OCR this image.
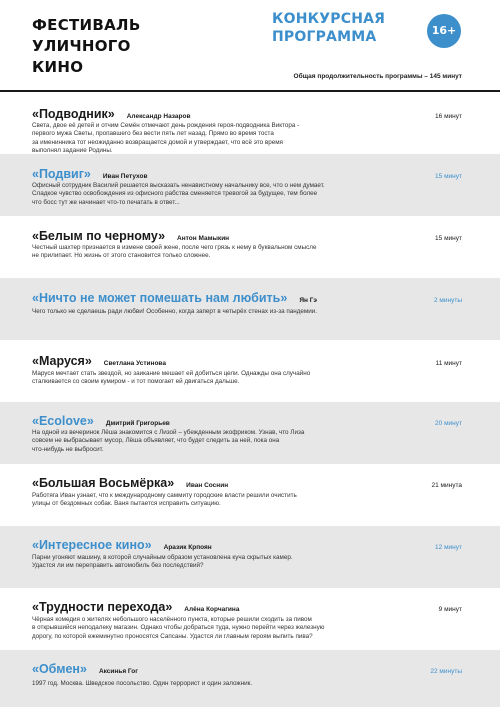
ФЕСТИВАЛЬ
УЛИЧНОГО
КИНО
КОНКУРСНАЯ
ПРОГРАММА	16+
Общая продолжительность программы – 145 минут
«Подводник» Александр Назаров	16 минут
Света, двое её детей и отчим Семён отмечают день рождения героя-подводника Виктора -
первого мужа Светы, пропавшего без вести пять лет назад. Прямо во время тоста
за именинника тот неожиданно возвращается домой и утверждает, что всё это время
выполнял задание Родины.
«Подвиг» Иван Петухов	15 минут
Офисный сотрудник Василий решается высказать ненавистному начальнику все, что о нем думает.
Сладкое чувство освобождения из офисного рабства сменяется тревогой за будущее, тем более
что босс тут же начинает что-то печатать в ответ...
«Белым по черному» Антон Мамыкин	15 минут
Честный шахтер признается в измене своей жене, после чего грязь к нему в буквальном смысле
не прилипает. Но жизнь от этого становится только сложнее.
«Ничто не может помешать нам любить» Ян Гэ	2 минуты
Чего только не сделаешь ради любви! Особенно, когда заперт в четырёх стенах из-за пандемии.
«Маруся» Светлана Устинова	11 минут
Маруся мечтает стать звездой, но заикание мешает ей добиться цели. Однажды она случайно
сталкивается со своим кумиром - и тот помогает ей двигаться дальше.
«Ecolove» Дмитрий Григорьев	20 минут
На одной из вечеринок Лёша знакомится с Лизой – убежденным экофриком. Узнав, что Лиза
совсем не выбрасывает мусор, Лёша объявляет, что будет следить за ней, пока она
что-нибудь не выбросит.
«Большая Восьмёрка» Иван Соснин	21 минута
Работяга Иван узнает, что к международному саммиту городские власти решили очистить
улицы от бездомных собак. Ваня пытается исправить ситуацию.
«Интересное кино» Аразик Крпоян	12 минут
Парни угоняют машину, в которой случайным образом установлена куча скрытых камер.
Удастся ли им переправить автомобиль без последствий?
«Трудности перехода» Алёна Корчагина	9 минут
Чёрная комедия о жителях небольшого населённого пункта, которые решили сходить за пивом
в открывшийся неподалеку магазин. Однако чтобы добраться туда, нужно перейти через железную
дорогу, по которой ежеминутно проносятся Сапсаны. Удастся ли главным героям выпить пива?
«Обмен» Аксинья Гог	22 минуты
1997 год. Москва. Шведское посольство. Один террорист и один заложник.
